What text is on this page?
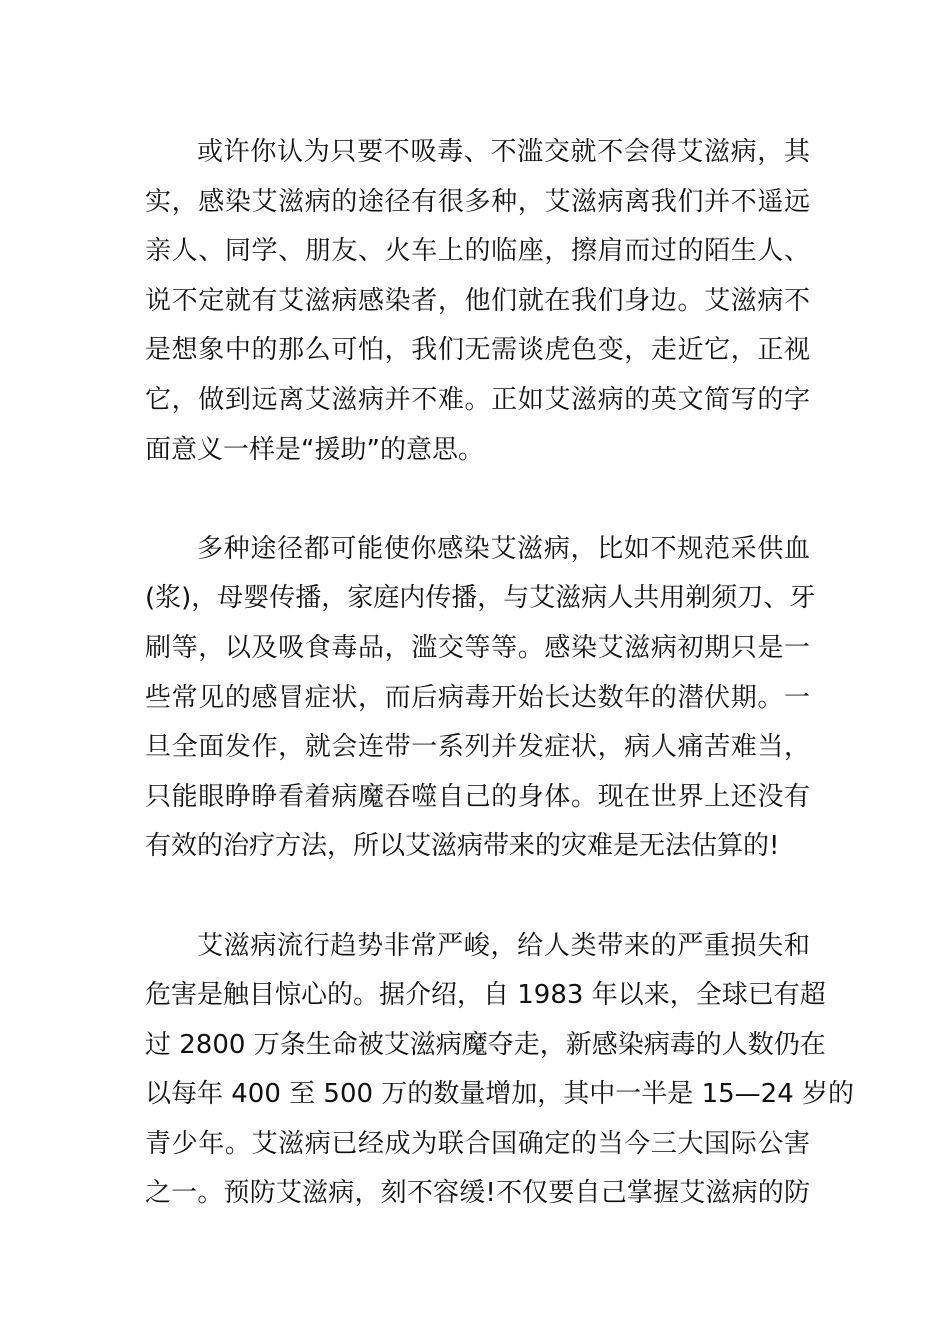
或许你认为只要不吸毒、不滥交就不会得艾滋病，其
实，感染艾滋病的途径有很多种，艾滋病离我们并不遥远
亲人、同学、朋友、火车上的临座，擦肩而过的陌生人、
说不定就有艾滋病感染者，他们就在我们身边。艾滋病不
是想象中的那么可怕，我们无需谈虎色变，走近它，正视
它，做到远离艾滋病并不难。正如艾滋病的英文简写的字
面意义一样是“援助”的意思。

多种途径都可能使你感染艾滋病，比如不规范采供血
(浆)，母婴传播，家庭内传播，与艾滋病人共用剃须刀、牙
刷等，以及吸食毒品，滥交等等。感染艾滋病初期只是一
些常见的感冒症状，而后病毒开始长达数年的潜伏期。一
旦全面发作，就会连带一系列并发症状，病人痛苦难当，
只能眼睁睁看着病魔吞噬自己的身体。现在世界上还没有
有效的治疗方法，所以艾滋病带来的灾难是无法估算的!

艾滋病流行趋势非常严峻，给人类带来的严重损失和
危害是触目惊心的。据介绍，自 1983 年以来，全球已有超
过 2800 万条生命被艾滋病魔夺走，新感染病毒的人数仍在
以每年 400 至 500 万的数量增加，其中一半是 15—24 岁的
青少年。艾滋病已经成为联合国确定的当今三大国际公害
之一。预防艾滋病，刻不容缓!不仅要自己掌握艾滋病的防
